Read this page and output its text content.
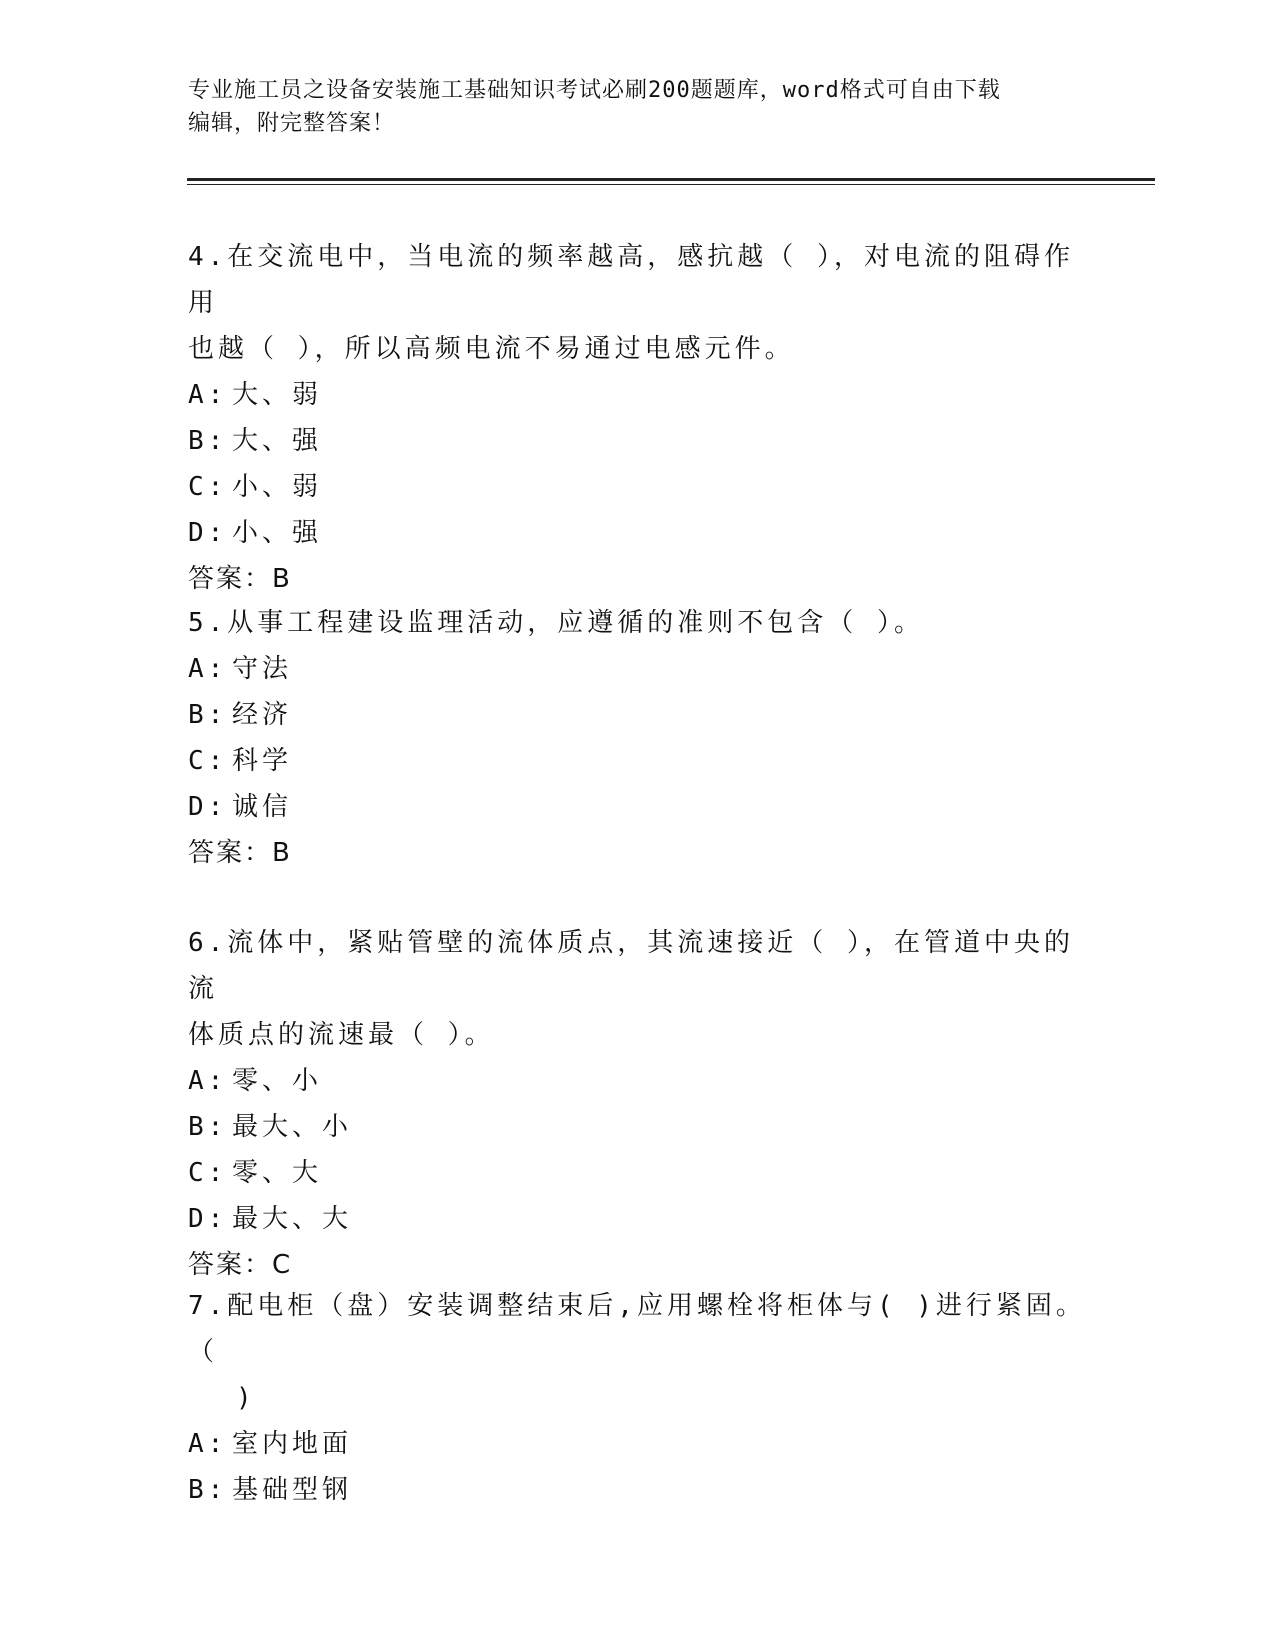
专业施工员之设备安装施工基础知识考试必刷200题题库，word格式可自由下载
编辑，附完整答案！

4.在交流电中，当电流的频率越高，感抗越（ ），对电流的阻碍作用
也越（ ），所以高频电流不易通过电感元件。

A: 大、弱

B: 大、强

C: 小、弱

D: 小、强

答案：B

5.从事工程建设监理活动，应遵循的准则不包含（ ）。

A: 守法

B: 经济

C: 科学

D: 诚信

答案：B

6.流体中，紧贴管壁的流体质点，其流速接近（ ），在管道中央的流
体质点的流速最（ ）。

A: 零、小

B: 最大、小

C: 零、大

D: 最大、大

答案：C

7.配电柜（盘）安装调整结束后,应用螺栓将柜体与( )进行紧固。（
)

A: 室内地面

B: 基础型钢
